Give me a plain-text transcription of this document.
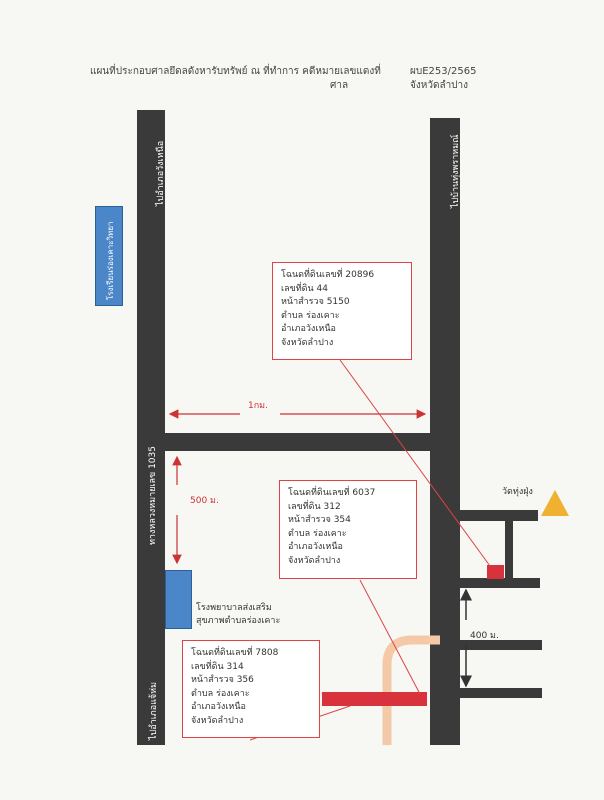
แผนที่ประกอบศาลยึดลดังหารับทรัพย์ ณ ที่ทำการ คดีหมายเลขแดงที่
ศาล
ผบE253/2565
จังหวัดลำปาง
ไปอำเภอวังเหนือ	ไปบ้านทุ่งพราหมณ์
ทางหลวงหมายเลข 1035
ไปอำเภอแจ้ห่ม
โรงเรียนร่องเคาะวิทยา
โรงพยาบาลส่งเสริม
สุขภาพตำบลร่องเคาะ
วัดทุ่งฝุ่ง
1กม.
500 ม.
400 ม.
โฉนดที่ดินเลขที่ 20896
เลขที่ดิน 44
หน้าสำรวจ 5150
ตำบล ร่องเคาะ
อำเภอวังเหนือ
จังหวัดลำปาง
โฉนดที่ดินเลขที่ 6037
เลขที่ดิน 312
หน้าสำรวจ 354
ตำบล ร่องเคาะ
อำเภอวังเหนือ
จังหวัดลำปาง
โฉนดที่ดินเลขที่ 7808
เลขที่ดิน 314
หน้าสำรวจ 356
ตำบล ร่องเคาะ
อำเภอวังเหนือ
จังหวัดลำปาง
